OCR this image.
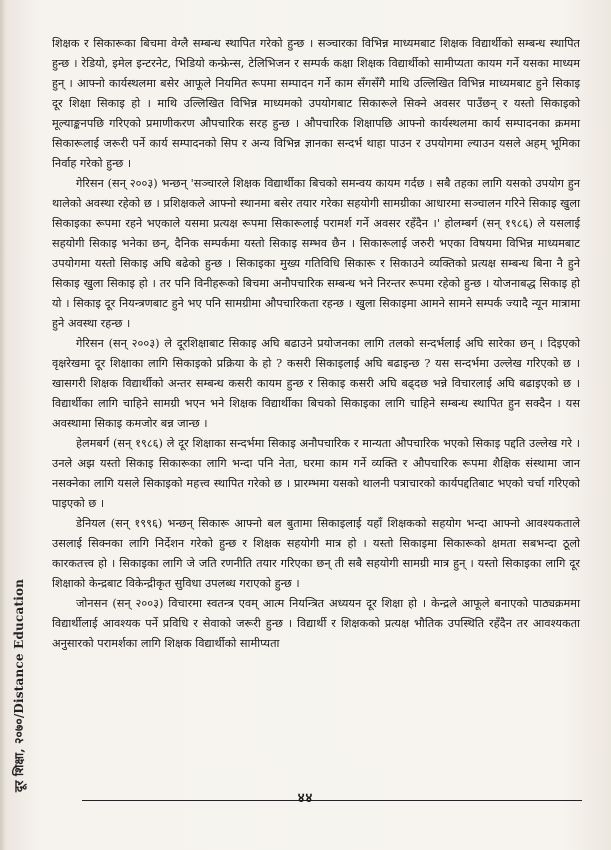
शिक्षक र सिकारूका बिचमा वेग्लै सम्बन्ध स्थापित गरेको हुन्छ । सञ्चारका विभिन्न माध्यमबाट शिक्षक विद्यार्थीको सम्बन्ध स्थापित हुन्छ । रेडियो, इमेल इन्टरनेट, भिडियो कन्फ्रेन्स, टेलिभिजन र सम्पर्क कक्षा शिक्षक विद्यार्थीको सामीप्यता कायम गर्ने यसका माध्यम हुन् । आफ्नो कार्यस्थलमा बसेर आफूले नियमित रूपमा सम्पादन गर्ने काम सँगसँगै माथि उल्लिखित विभिन्न माध्यमबाट हुने सिकाइ दूर शिक्षा सिकाइ हो । माथि उल्लिखित विभिन्न माध्यमको उपयोगबाट सिकारूले सिक्ने अवसर पाउँछन् र यस्तो सिकाइको मूल्याङ्कनपछि गरिएको प्रमाणीकरण औपचारिक सरह हुन्छ । औपचारिक शिक्षापछि आफ्नो कार्यस्थलमा कार्य सम्पादनका क्रममा सिकारूलाई जरूरी पर्ने कार्य सम्पादनको सिप र अन्य विभिन्न ज्ञानका सन्दर्भ थाहा पाउन र उपयोगमा ल्याउन यसले अहम् भूमिका निर्वाह गरेको हुन्छ ।

गेरिसन (सन् २००३) भन्छन् 'सञ्चारले शिक्षक विद्यार्थीका बिचको समन्वय कायम गर्दछ । सबै तहका लागि यसको उपयोग हुन थालेको अवस्था रहेको छ । प्रशिक्षकले आफ्नो स्थानमा बसेर तयार गरेका सहयोगी सामग्रीका आधारमा सञ्चालन गरिने सिकाइ खुला सिकाइका रूपमा रहने भएकाले यसमा प्रत्यक्ष रूपमा सिकारूलाई परामर्श गर्ने अवसर रहँदैन ।' होलम्बर्ग (सन् १९८६) ले यसलाई सहयोगी सिकाइ भनेका छन्, दैनिक सम्पर्कमा यस्तो सिकाइ सम्भव छैन । सिकारूलाई जरुरी भएका विषयमा विभिन्न माध्यमबाट उपयोगमा यस्तो सिकाइ अघि बढेको हुन्छ । सिकाइका मुख्य गतिविधि सिकारू र सिकाउने व्यक्तिको प्रत्यक्ष सम्बन्ध बिना नै हुने सिकाइ खुला सिकाइ हो । तर पनि विनीहरूको बिचमा अनौपचारिक सम्बन्ध भने निरन्तर रूपमा रहेको हुन्छ । योजनाबद्ध सिकाइ हो यो । सिकाइ दूर नियन्त्रणबाट हुने भए पनि सामग्रीमा औपचारिकता रहन्छ । खुला सिकाइमा आमने सामने सम्पर्क ज्यादै न्यून मात्रामा हुने अवस्था रहन्छ ।

गेरिसन (सन् २००३) ले दूरशिक्षाबाट सिकाइ अघि बढाउने प्रयोजनका लागि तलको सन्दर्भलाई अघि सारेका छन् । दिइएको वृक्षरेखमा दूर शिक्षाका लागि सिकाइको प्रक्रिया के हो ? कसरी सिकाइलाई अघि बढाइन्छ ? यस सन्दर्भमा उल्लेख गरिएको छ । खासगरी शिक्षक विद्यार्थीको अन्तर सम्बन्ध कसरी कायम हुन्छ र सिकाइ कसरी अघि बढ्दछ भन्ने विचारलाई अघि बढाइएको छ । विद्यार्थीका लागि चाहिने सामग्री भएन भने शिक्षक विद्यार्थीका बिचको सिकाइका लागि चाहिने सम्बन्ध स्थापित हुन सक्दैन । यस अवस्थामा सिकाइ कमजोर बन्न जान्छ ।

हेलमबर्ग (सन् १९८६) ले दूर शिक्षाका सन्दर्भमा सिकाइ अनौपचारिक र मान्यता औपचारिक भएको सिकाइ पद्दति उल्लेख गरे । उनले अझ यस्तो सिकाइ सिकारूका लागि भन्दा पनि नेता, घरमा काम गर्ने व्यक्ति र औपचारिक रूपमा शैक्षिक संस्थामा जान नसक्नेका लागि यसले सिकाइको महत्त्व स्थापित गरेको छ । प्रारम्भमा यसको थालनी पत्राचारको कार्यपद्दतिबाट भएको चर्चा गरिएको पाइएको छ ।

डेनियल (सन् १९९६) भन्छन् सिकारू आफ्नो बल बुतामा सिकाइलाई यहाँ शिक्षकको सहयोग भन्दा आफ्नो आवश्यकताले उसलाई सिक्नका लागि निर्देशन गरेको हुन्छ र शिक्षक सहयोगी मात्र हो । यस्तो सिकाइमा सिकारूको क्षमता सबभन्दा ठूलो कारकतत्त्व हो । सिकाइका लागि जे जति रणनीति तयार गरिएका छन् ती सबै सहयोगी सामग्री मात्र हुन् । यस्तो सिकाइका लागि दूर शिक्षाको केन्द्रबाट विकेन्द्रीकृत सुविधा उपलब्ध गराएको हुन्छ ।

जोनसन (सन् २००३) विचारमा स्वतन्त्र एवम् आत्म नियन्त्रित अध्ययन दूर शिक्षा हो । केन्द्रले आफूले बनाएको पाठ्यक्रममा विद्यार्थीलाई आवश्यक पर्ने प्रविधि र सेवाको जरूरी हुन्छ । विद्यार्थी र शिक्षकको प्रत्यक्ष भौतिक उपस्थिति रहँदैन तर आवश्यकता अनुसारको परामर्शका लागि शिक्षक विद्यार्थीको सामीप्यता

दूर शिक्षा, २०७०/Distance Education
४४
